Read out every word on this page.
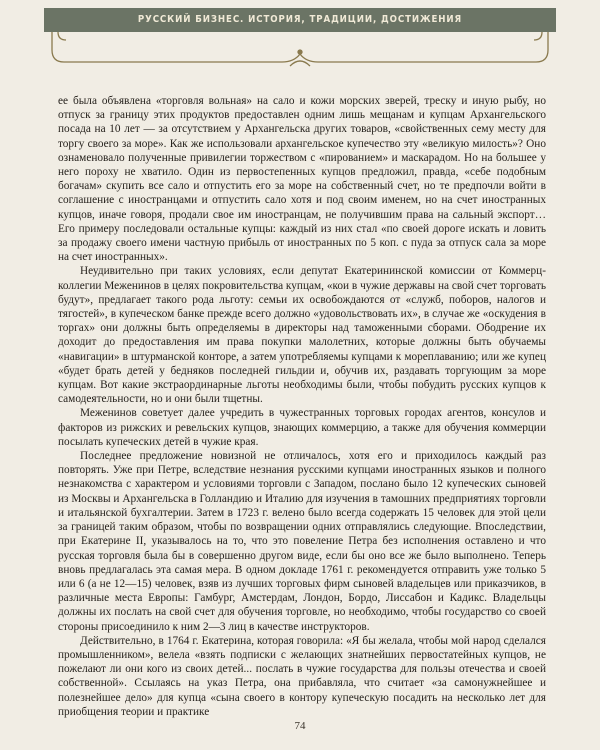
РУССКИЙ БИЗНЕС. ИСТОРИЯ, ТРАДИЦИИ, ДОСТИЖЕНИЯ

ее была объявлена «торговля вольная» на сало и кожи морских зверей, треску и иную рыбу, но отпуск за границу этих продуктов предоставлен одним лишь мещанам и купцам Архангельского посада на 10 лет — за отсутствием у Архангельска других товаров, «свойственных сему месту для торгу своего за море». Как же использовали архангельское купечество эту «великую милость»? Оно ознаменовало полученные привилегии торжеством с «пированием» и маскарадом. Но на большее у него пороху не хватило. Один из первостепенных купцов предложил, правда, «себе подобным богачам» скупить все сало и отпустить его за море на собственный счет, но те предпочли войти в соглашение с иностранцами и отпустить сало хотя и под своим именем, но на счет иностранных купцов, иначе говоря, продали свое им иностранцам, не получившим права на сальный экспорт… Его примеру последовали остальные купцы: каждый из них стал «по своей дороге искать и ловить за продажу своего имени частную прибыль от иностранных по 5 коп. с пуда за отпуск сала за море на счет иностранных».

Неудивительно при таких условиях, если депутат Екатерининской комиссии от Коммерц-коллегии Меженинов в целях покровительства купцам, «кои в чужие державы на свой счет торговать будут», предлагает такого рода льготу: семьи их освобождаются от «служб, поборов, налогов и тягостей», в купеческом банке прежде всего должно «удовольствовать их», в случае же «оскудения в торгах» они должны быть определяемы в директоры над таможенными сборами. Ободрение их доходит до предоставления им права покупки малолетних, которые должны быть обучаемы «навигации» в штурманской конторе, а затем употребляемы купцами к мореплаванию; или же купец «будет брать детей у бедняков последней гильдии и, обучив их, раздавать торгующим за море купцам. Вот какие экстраординарные льготы необходимы были, чтобы побудить русских купцов к самодеятельности, но и они были тщетны.

Меженинов советует далее учредить в чужестранных торговых городах агентов, консулов и факторов из рижских и ревельских купцов, знающих коммерцию, а также для обучения коммерции посылать купеческих детей в чужие края.

Последнее предложение новизной не отличалось, хотя его и приходилось каждый раз повторять. Уже при Петре, вследствие незнания русскими купцами иностранных языков и полного незнакомства с характером и условиями торговли с Западом, послано было 12 купеческих сыновей из Москвы и Архангельска в Голландию и Италию для изучения в тамошних предприятиях торговли и итальянской бухгалтерии. Затем в 1723 г. велено было всегда содержать 15 человек для этой цели за границей таким образом, чтобы по возвращении одних отправлялись следующие. Впоследствии, при Екатерине II, указывалось на то, что это повеление Петра без исполнения оставлено и что русская торговля была бы в совершенно другом виде, если бы оно все же было выполнено. Теперь вновь предлагалась эта самая мера. В одном докладе 1761 г. рекомендуется отправить уже только 5 или 6 (а не 12—15) человек, взяв из лучших торговых фирм сыновей владельцев или приказчиков, в различные места Европы: Гамбург, Амстердам, Лондон, Бордо, Лиссабон и Кадикс. Владельцы должны их послать на свой счет для обучения торговле, но необходимо, чтобы государство со своей стороны присоединило к ним 2—3 лиц в качестве инструкторов.

Действительно, в 1764 г. Екатерина, которая говорила: «Я бы желала, чтобы мой народ сделался промышленником», велела «взять подписки с желающих знатнейших первостатейных купцов, не пожелают ли они кого из своих детей... послать в чужие государства для пользы отечества и своей собственной». Ссылаясь на указ Петра, она прибавляла, что считает «за самонужнейшее и полезнейшее дело» для купца «сына своего в контору купеческую посадить на несколько лет для приобщения теории и практике

74
